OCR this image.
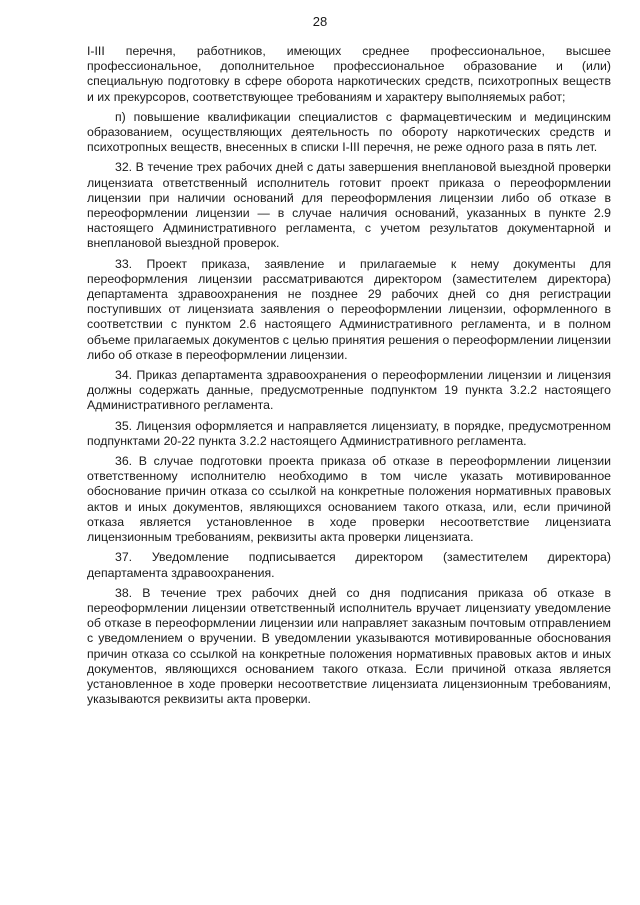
28

I-III перечня, работников, имеющих среднее профессиональное, высшее профессиональное, дополнительное профессиональное образование и (или) специальную подготовку в сфере оборота наркотических средств, психотропных веществ и их прекурсоров, соответствующее требованиям и характеру выполняемых работ;

п) повышение квалификации специалистов с фармацевтическим и медицинским образованием, осуществляющих деятельность по обороту наркотических средств и психотропных веществ, внесенных в списки I-III перечня, не реже одного раза в пять лет.

32. В течение трех рабочих дней с даты завершения внеплановой выездной проверки лицензиата ответственный исполнитель готовит проект приказа о переоформлении лицензии при наличии оснований для переоформления лицензии либо об отказе в переоформлении лицензии — в случае наличия оснований, указанных в пункте 2.9 настоящего Административного регламента, с учетом результатов документарной и внеплановой выездной проверок.

33. Проект приказа, заявление и прилагаемые к нему документы для переоформления лицензии рассматриваются директором (заместителем директора) департамента здравоохранения не позднее 29 рабочих дней со дня регистрации поступивших от лицензиата заявления о переоформлении лицензии, оформленного в соответствии с пунктом 2.6 настоящего Административного регламента, и в полном объеме прилагаемых документов с целью принятия решения о переоформлении лицензии либо об отказе в переоформлении лицензии.

34. Приказ департамента здравоохранения о переоформлении лицензии и лицензия должны содержать данные, предусмотренные подпунктом 19 пункта 3.2.2 настоящего Административного регламента.

35. Лицензия оформляется и направляется лицензиату, в порядке, предусмотренном подпунктами 20-22 пункта 3.2.2 настоящего Административного регламента.

36. В случае подготовки проекта приказа об отказе в переоформлении лицензии ответственному исполнителю необходимо в том числе указать мотивированное обоснование причин отказа со ссылкой на конкретные положения нормативных правовых актов и иных документов, являющихся основанием такого отказа, или, если причиной отказа является установленное в ходе проверки несоответствие лицензиата лицензионным требованиям, реквизиты акта проверки лицензиата.

37. Уведомление подписывается директором (заместителем директора) департамента здравоохранения.

38. В течение трех рабочих дней со дня подписания приказа об отказе в переоформлении лицензии ответственный исполнитель вручает лицензиату уведомление об отказе в переоформлении лицензии или направляет заказным почтовым отправлением с уведомлением о вручении. В уведомлении указываются мотивированные обоснования причин отказа со ссылкой на конкретные положения нормативных правовых актов и иных документов, являющихся основанием такого отказа. Если причиной отказа является установленное в ходе проверки несоответствие лицензиата лицензионным требованиям, указываются реквизиты акта проверки.
